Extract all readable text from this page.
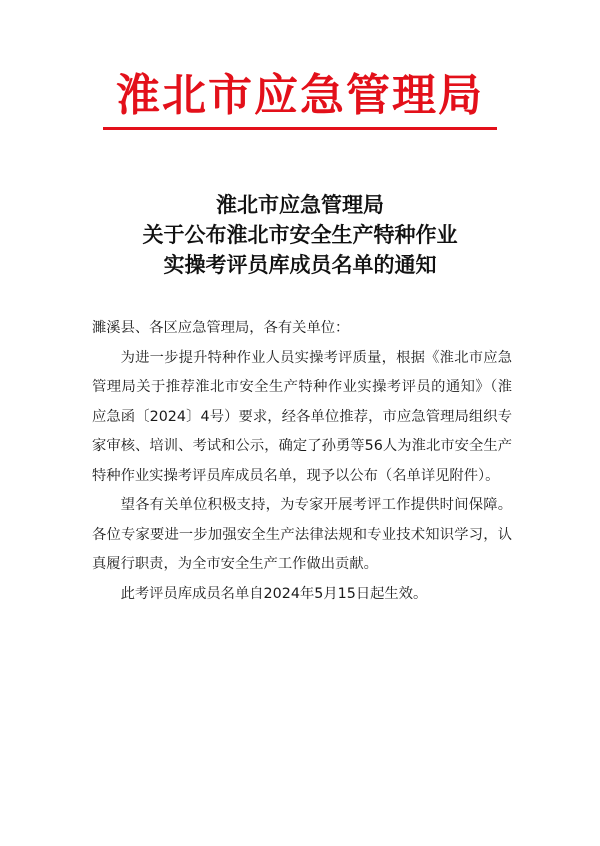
淮北市应急管理局
淮北市应急管理局
关于公布淮北市安全生产特种作业
实操考评员库成员名单的通知

濉溪县、各区应急管理局，各有关单位：

为进一步提升特种作业人员实操考评质量，根据《淮北市应急管理局关于推荐淮北市安全生产特种作业实操考评员的通知》（淮应急函〔2024〕4号）要求，经各单位推荐，市应急管理局组织专家审核、培训、考试和公示，确定了孙勇等56人为淮北市安全生产特种作业实操考评员库成员名单，现予以公布（名单详见附件）。

望各有关单位积极支持，为专家开展考评工作提供时间保障。各位专家要进一步加强安全生产法律法规和专业技术知识学习，认真履行职责，为全市安全生产工作做出贡献。

此考评员库成员名单自2024年5月15日起生效。
